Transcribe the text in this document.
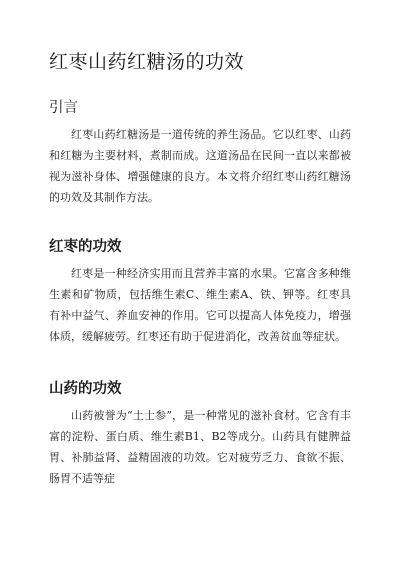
红枣山药红糖汤的功效
引言

红枣山药红糖汤是一道传统的养生汤品。它以红枣、山药和红糖为主要材料，煮制而成。这道汤品在民间一直以来都被视为滋补身体、增强健康的良方。本文将介绍红枣山药红糖汤的功效及其制作方法。

红枣的功效

红枣是一种经济实用而且营养丰富的水果。它富含多种维生素和矿物质，包括维生素C、维生素A、铁、钾等。红枣具有补中益气、养血安神的作用。它可以提高人体免疫力，增强体质，缓解疲劳。红枣还有助于促进消化，改善贫血等症状。

山药的功效

山药被誉为“土士参”，是一种常见的滋补食材。它含有丰富的淀粉、蛋白质、维生素B1、B2等成分。山药具有健脾益胃、补肺益肾、益精固液的功效。它对疲劳乏力、食欲不振、肠胃不适等症
